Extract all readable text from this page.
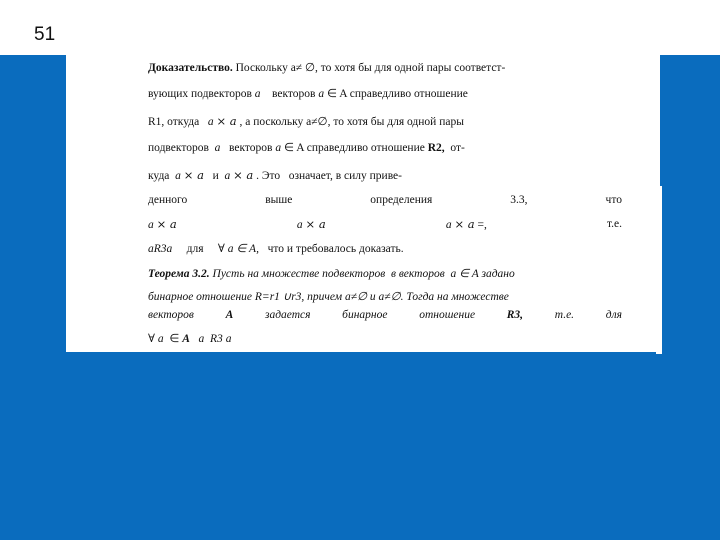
51
Доказательство. Поскольку a≠ ∅, то хотя бы для одной пары соответст-
вующих подвекторов a векторов a ∈ A справедливо отношение
R1, откуда a × a , а поскольку a≠∅, то хотя бы для одной пары
подвекторов a векторов a ∈ A справедливо отношение R2, от-
куда a × a и a × a . Это означает, в силу приве-
денного	выше	определения	3.3,	что
a × a	a × a	a × a =,	т.е.
aR3a для ∀ a ∈ A, что и требовалось доказать.
Теорема 3.2. Пусть на множестве подвекторов в векторов a ∈ A задано
бинарное отношение R=r1 ∪r3, причем a≠∅ и a≠∅. Тогда на множестве
векторов	A	задается	бинарное	отношение	R3,	т.е.	для
∀ a ∈ A a R3 a
